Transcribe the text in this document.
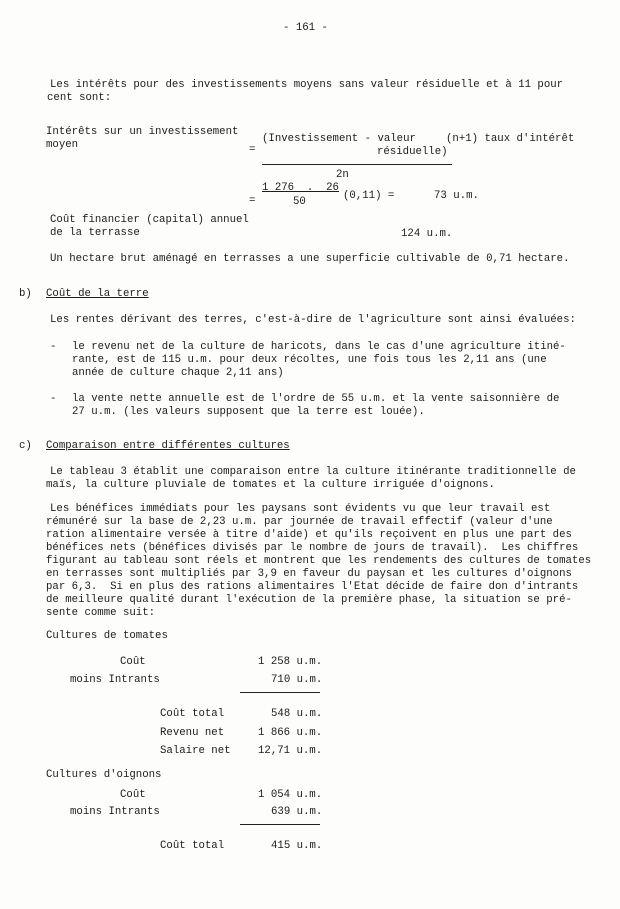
- 161 -
Les intérêts pour des investissements moyens sans valeur résiduelle et à 11 pour
cent sont:
Intérêts sur un investissement
moyen	=
(Investissement - valeur	(n+1) taux d'intérêt
résiduelle)
2n
=
1 276  .  26
50	(0,11) =	73 u.m.
Coût financier (capital) annuel
de la terrasse	124 u.m.
Un hectare brut aménagé en terrasses a une superficie cultivable de 0,71 hectare.
b) Coût de la terre
Les rentes dérivant des terres, c'est-à-dire de l'agriculture sont ainsi évaluées:
- le revenu net de la culture de haricots, dans le cas d'une agriculture itiné-
rante, est de 115 u.m. pour deux récoltes, une fois tous les 2,11 ans (une
année de culture chaque 2,11 ans)
- la vente nette annuelle est de l'ordre de 55 u.m. et la vente saisonnière de
27 u.m. (les valeurs supposent que la terre est louée).
c) Comparaison entre différentes cultures
Le tableau 3 établit une comparaison entre la culture itinérante traditionnelle de
maïs, la culture pluviale de tomates et la culture irriguée d'oignons.
Les bénéfices immédiats pour les paysans sont évidents vu que leur travail est
rémunéré sur la base de 2,23 u.m. par journée de travail effectif (valeur d'une
ration alimentaire versée à titre d'aide) et qu'ils reçoivent en plus une part des
bénéfices nets (bénéfices divisés par le nombre de jours de travail).  Les chiffres
figurant au tableau sont réels et montrent que les rendements des cultures de tomates
en terrasses sont multipliés par 3,9 en faveur du paysan et les cultures d'oignons
par 6,3.  Si en plus des rations alimentaires l'Etat décide de faire don d'intrants
de meilleure qualité durant l'exécution de la première phase, la situation se pré-
sente comme suit:
Cultures de tomates
Coût	1 258 u.m.
moins Intrants	710 u.m.
Coût total	548 u.m.
Revenu net	1 866 u.m.
Salaire net	12,71 u.m.
Cultures d'oignons
Coût	1 054 u.m.
moins Intrants	639 u.m.
Coût total	415 u.m.
